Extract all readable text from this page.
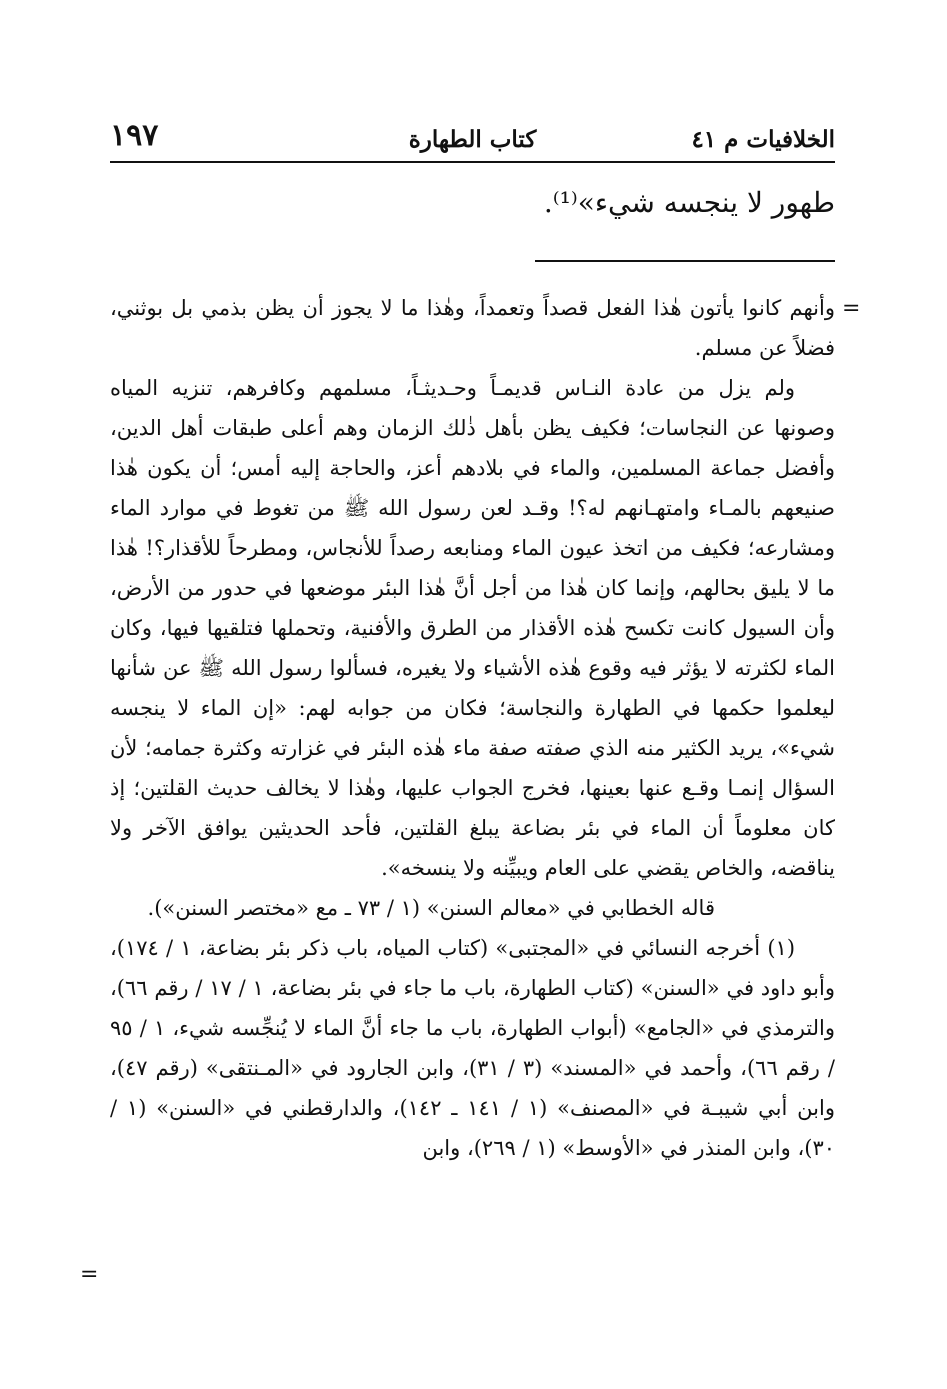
الخلافيات م ٤١
كتاب الطهارة
١٩٧
طهور لا ينجسه شيء»⁽¹⁾.
=

وأنهم كانوا يأتون هٰذا الفعل قصداً وتعمداً، وهٰذا ما لا يجوز أن يظن بذمي بل بوثني، فضلاً عن مسلم.

ولم يزل من عادة النـاس قديمـاً وحـديثـاً، مسلمهم وكافرهم، تنزيه المياه وصونها عن النجاسات؛ فكيف يظن بأهل ذٰلك الزمان وهم أعلى طبقات أهل الدين، وأفضل جماعة المسلمين، والماء في بلادهم أعز، والحاجة إليه أمس؛ أن يكون هٰذا صنيعهم بالمـاء وامتهـانهم له؟! وقـد لعن رسول الله ﷺ من تغوط في موارد الماء ومشارعه؛ فكيف من اتخذ عيون الماء ومنابعه رصداً للأنجاس، ومطرحاً للأقذار؟! هٰذا ما لا يليق بحالهم، وإنما كان هٰذا من أجل أنَّ هٰذا البئر موضعها في حدور من الأرض، وأن السيول كانت تكسح هٰذه الأقذار من الطرق والأفنية، وتحملها فتلقيها فيها، وكان الماء لكثرته لا يؤثر فيه وقوع هٰذه الأشياء ولا يغيره، فسألوا رسول الله ﷺ عن شأنها ليعلموا حكمها في الطهارة والنجاسة؛ فكان من جوابه لهم: «إن الماء لا ينجسه شيء»، يريد الكثير منه الذي صفته صفة ماء هٰذه البئر في غزارته وكثرة جمامه؛ لأن السؤال إنمـا وقـع عنها بعينها، فخرج الجواب عليها، وهٰذا لا يخالف حديث القلتين؛ إذ كان معلوماً أن الماء في بئر بضاعة يبلغ القلتين، فأحد الحديثين يوافق الآخر ولا يناقضه، والخاص يقضي على العام ويبيِّنه ولا ينسخه».

قاله الخطابي في «معالم السنن» (١ / ٧٣ ـ مع «مختصر السنن»).

(١) أخرجه النسائي في «المجتبى» (كتاب المياه، باب ذكر بئر بضاعة، ١ / ١٧٤)، وأبو داود في «السنن» (كتاب الطهارة، باب ما جاء في بئر بضاعة، ١ / ١٧ / رقم ٦٦)، والترمذي في «الجامع» (أبواب الطهارة، باب ما جاء أنَّ الماء لا يُنجِّسه شيء، ١ / ٩٥ / رقم ٦٦)، وأحمد في «المسند» (٣ / ٣١)، وابن الجارود في «المـنتقى» (رقم ٤٧)، وابن أبي شيبـة في «المصنف» (١ / ١٤١ ـ ١٤٢)، والدارقطني في «السنن» (١ / ٣٠)، وابن المنذر في «الأوسط» (١ / ٢٦٩)، وابن

=
